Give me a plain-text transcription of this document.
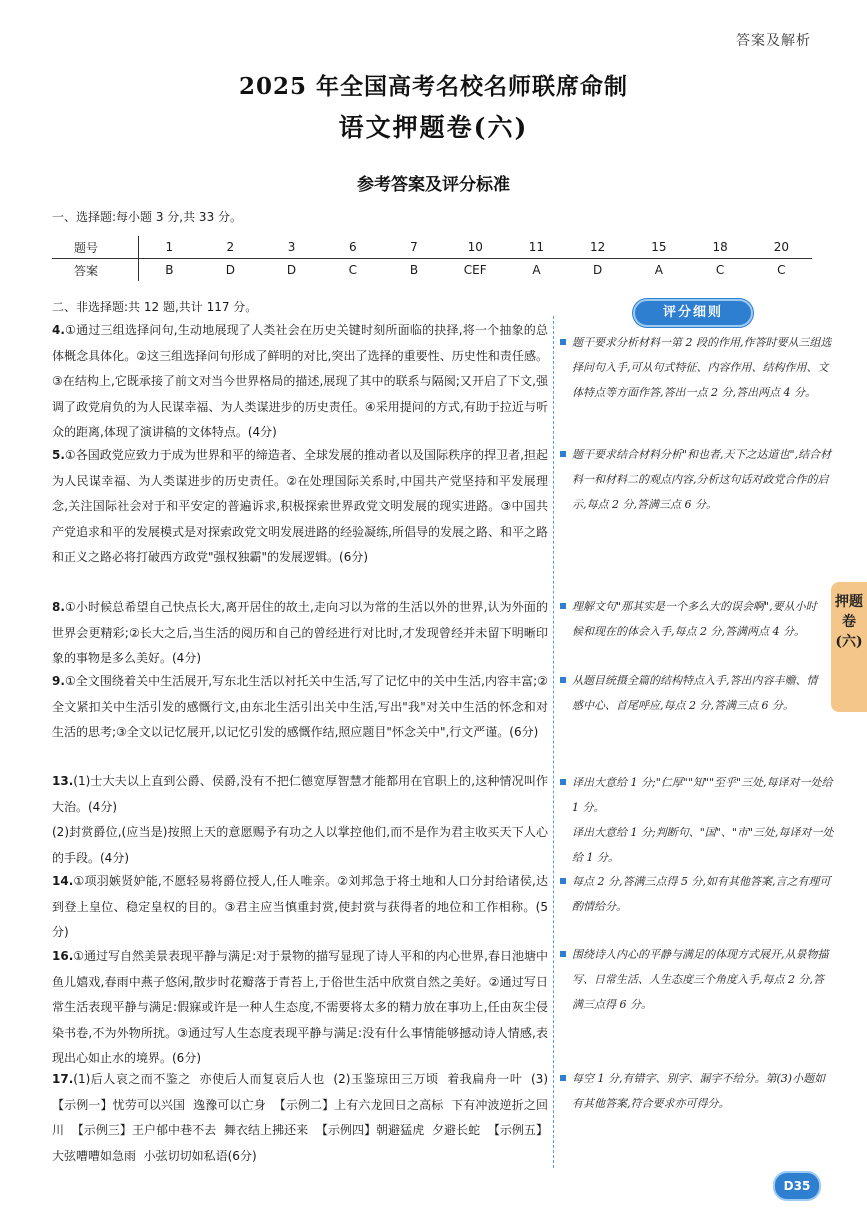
答案及解析
2025 年全国高考名校名师联席命制
语文押题卷(六)
参考答案及评分标准
一、选择题:每小题 3 分,共 33 分。
题号	1	2	3	6	7	10	11	12	15	18	20
答案	B	D	D	C	B	CEF	A	D	A	C	C
二、非选择题:共 12 题,共计 117 分。	评分细则
4.①通过三组选择问句,生动地展现了人类社会在历史关键时刻所面临的抉择,将一个抽象的总体概念具体化。②这三组选择问句形成了鲜明的对比,突出了选择的重要性、历史性和责任感。③在结构上,它既承接了前文对当今世界格局的描述,展现了其中的联系与隔阂;又开启了下文,强调了政党肩负的为人民谋幸福、为人类谋进步的历史责任。④采用提问的方式,有助于拉近与听众的距离,体现了演讲稿的文体特点。(4分)
题干要求分析材料一第 2 段的作用,作答时要从三组选择问句入手,可从句式特征、内容作用、结构作用、文体特点等方面作答,答出一点 2 分,答出两点 4 分。
5.①各国政党应致力于成为世界和平的缔造者、全球发展的推动者以及国际秩序的捍卫者,担起为人民谋幸福、为人类谋进步的历史责任。②在处理国际关系时,中国共产党坚持和平发展理念,关注国际社会对于和平安定的普遍诉求,积极探索世界政党文明发展的现实进路。③中国共产党追求和平的发展模式是对探索政党文明发展进路的经验凝练,所倡导的发展之路、和平之路和正义之路必将打破西方政党"强权独霸"的发展逻辑。(6分)
题干要求结合材料分析"和也者,天下之达道也",结合材料一和材料二的观点内容,分析这句话对政党合作的启示,每点 2 分,答满三点 6 分。
8.①小时候总希望自己快点长大,离开居住的故土,走向习以为常的生活以外的世界,认为外面的世界会更精彩;②长大之后,当生活的阅历和自己的曾经进行对比时,才发现曾经并未留下明晰印象的事物是多么美好。(4分)
理解文句"那其实是一个多么大的误会啊",要从小时候和现在的体会入手,每点 2 分,答满两点 4 分。
9.①全文围绕着关中生活展开,写东北生活以衬托关中生活,写了记忆中的关中生活,内容丰富;②全文紧扣关中生活引发的感慨行文,由东北生活引出关中生活,写出"我"对关中生活的怀念和对生活的思考;③全文以记忆展开,以记忆引发的感慨作结,照应题目"怀念关中",行文严谨。(6分)
从题目统摄全篇的结构特点入手,答出内容丰赡、情感中心、首尾呼应,每点 2 分,答满三点 6 分。
13.(1)士大夫以上直到公爵、侯爵,没有不把仁德宽厚智慧才能都用在官职上的,这种情况叫作大治。(4分)
(2)封赏爵位,(应当是)按照上天的意愿赐予有功之人以掌控他们,而不是作为君主收买天下人心的手段。(4分)
译出大意给 1 分;"仁厚""知""至乎"三处,每译对一处给 1 分。
译出大意给 1 分;判断句、"国"、"市"三处,每译对一处给 1 分。
14.①项羽嫉贤妒能,不愿轻易将爵位授人,任人唯亲。②刘邦急于将土地和人口分封给诸侯,达到登上皇位、稳定皇权的目的。③君主应当慎重封赏,使封赏与获得者的地位和工作相称。(5分)
每点 2 分,答满三点得 5 分,如有其他答案,言之有理可酌情给分。
16.①通过写自然美景表现平静与满足:对于景物的描写显现了诗人平和的内心世界,春日池塘中鱼儿嬉戏,春雨中燕子悠闲,散步时花瓣落于青苔上,于俗世生活中欣赏自然之美好。②通过写日常生活表现平静与满足:假寐或许是一种人生态度,不需要将太多的精力放在事功上,任由灰尘侵染书卷,不为外物所扰。③通过写人生态度表现平静与满足:没有什么事情能够撼动诗人情感,表现出心如止水的境界。(6分)
围绕诗人内心的平静与满足的体现方式展开,从景物描写、日常生活、人生态度三个角度入手,每点 2 分,答满三点得 6 分。
17.(1)后人哀之而不鉴之  亦使后人而复哀后人也  (2)玉鉴琼田三万顷  着我扁舟一叶  (3)【示例一】忧劳可以兴国  逸豫可以亡身  【示例二】上有六龙回日之高标  下有冲波逆折之回川  【示例三】王户郁中巷不去  舞衣结上拂还来  【示例四】朝避猛虎  夕避长蛇  【示例五】大弦嘈嘈如急雨  小弦切切如私语(6分)
每空 1 分,有错字、别字、漏字不给分。第(3)小题如有其他答案,符合要求亦可得分。
押题卷(六)
D35
